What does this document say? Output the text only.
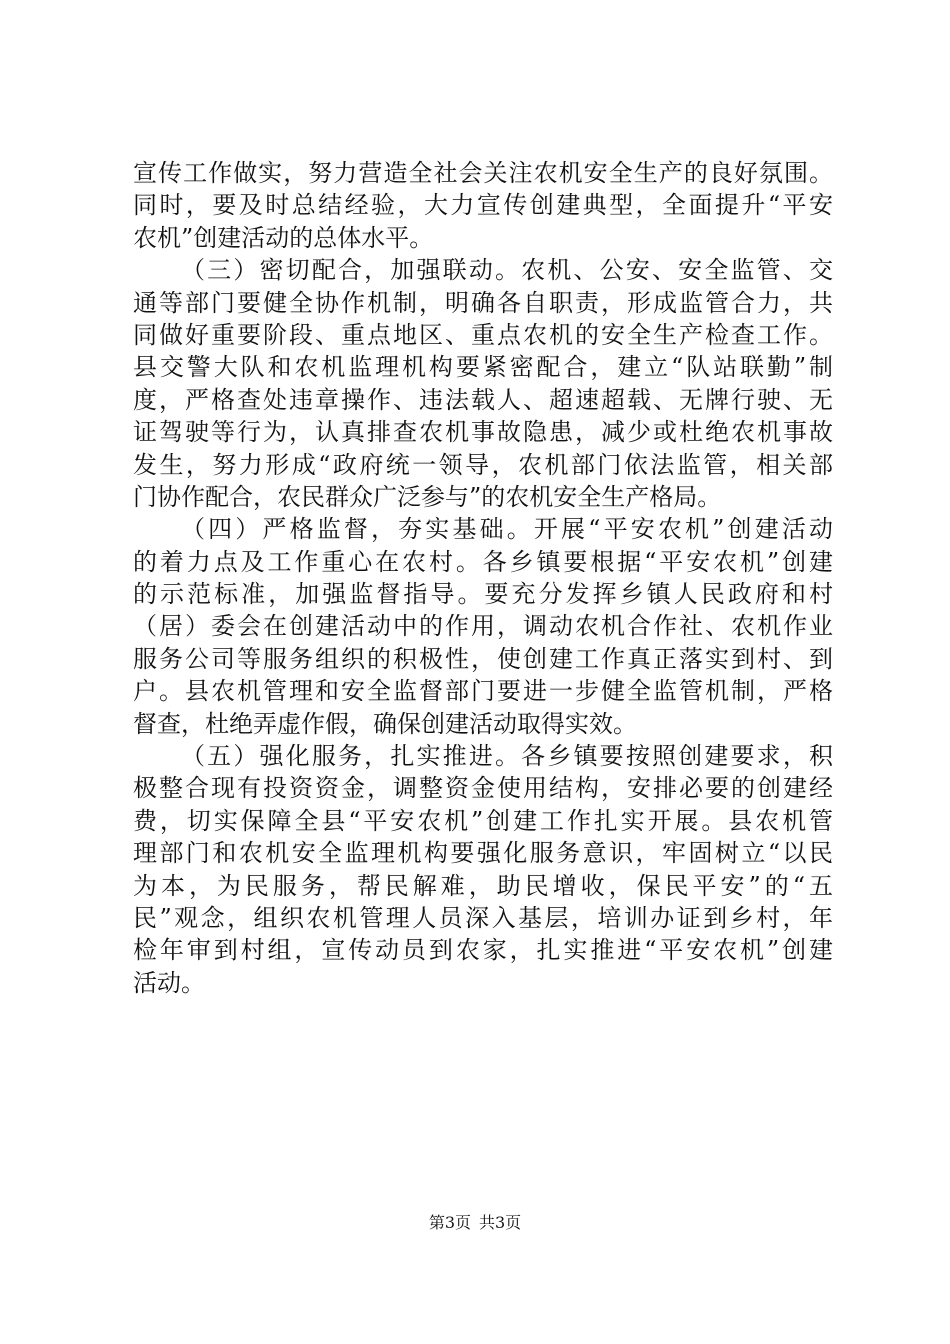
宣传工作做实，努力营造全社会关注农机安全生产的良好氛围。
同时，要及时总结经验，大力宣传创建典型，全面提升“平安
农机”创建活动的总体水平。
（三）密切配合，加强联动。农机、公安、安全监管、交
通等部门要健全协作机制，明确各自职责，形成监管合力，共
同做好重要阶段、重点地区、重点农机的安全生产检查工作。
县交警大队和农机监理机构要紧密配合，建立“队站联勤”制
度，严格查处违章操作、违法载人、超速超载、无牌行驶、无
证驾驶等行为，认真排查农机事故隐患，减少或杜绝农机事故
发生，努力形成“政府统一领导，农机部门依法监管，相关部
门协作配合，农民群众广泛参与”的农机安全生产格局。
（四）严格监督，夯实基础。开展“平安农机”创建活动
的着力点及工作重心在农村。各乡镇要根据“平安农机”创建
的示范标准，加强监督指导。要充分发挥乡镇人民政府和村
（居）委会在创建活动中的作用，调动农机合作社、农机作业
服务公司等服务组织的积极性，使创建工作真正落实到村、到
户。县农机管理和安全监督部门要进一步健全监管机制，严格
督查，杜绝弄虚作假，确保创建活动取得实效。
（五）强化服务，扎实推进。各乡镇要按照创建要求，积
极整合现有投资资金，调整资金使用结构，安排必要的创建经
费，切实保障全县“平安农机”创建工作扎实开展。县农机管
理部门和农机安全监理机构要强化服务意识，牢固树立“以民
为本，为民服务，帮民解难，助民增收，保民平安”的“五
民”观念，组织农机管理人员深入基层，培训办证到乡村，年
检年审到村组，宣传动员到农家，扎实推进“平安农机”创建
活动。
第3页 共3页
